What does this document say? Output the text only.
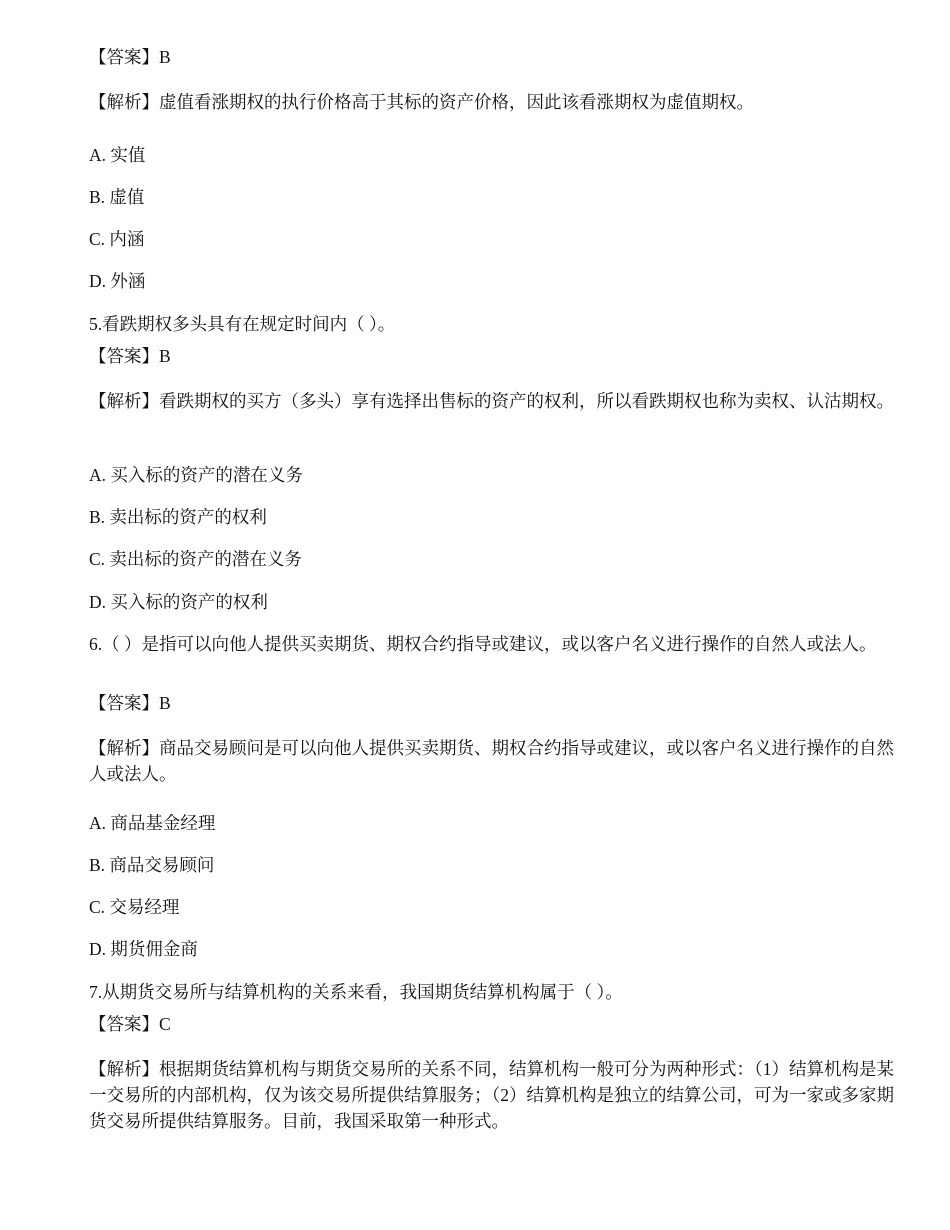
【答案】B
【解析】虚值看涨期权的执行价格高于其标的资产价格，因此该看涨期权为虚值期权。
A. 实值
B. 虚值
C. 内涵
D. 外涵
5.看跌期权多头具有在规定时间内（ ）。
【答案】B
【解析】看跌期权的买方（多头）享有选择出售标的资产的权利，所以看跌期权也称为卖权、认沽期权。
A. 买入标的资产的潜在义务
B. 卖出标的资产的权利
C. 卖出标的资产的潜在义务
D. 买入标的资产的权利
6.（ ）是指可以向他人提供买卖期货、期权合约指导或建议，或以客户名义进行操作的自然人或法人。
【答案】B
【解析】商品交易顾问是可以向他人提供买卖期货、期权合约指导或建议，或以客户名义进行操作的自然人或法人。
A. 商品基金经理
B. 商品交易顾问
C. 交易经理
D. 期货佣金商
7.从期货交易所与结算机构的关系来看，我国期货结算机构属于（ ）。
【答案】C
【解析】根据期货结算机构与期货交易所的关系不同，结算机构一般可分为两种形式：（1）结算机构是某一交易所的内部机构，仅为该交易所提供结算服务；（2）结算机构是独立的结算公司，可为一家或多家期货交易所提供结算服务。目前，我国采取第一种形式。
